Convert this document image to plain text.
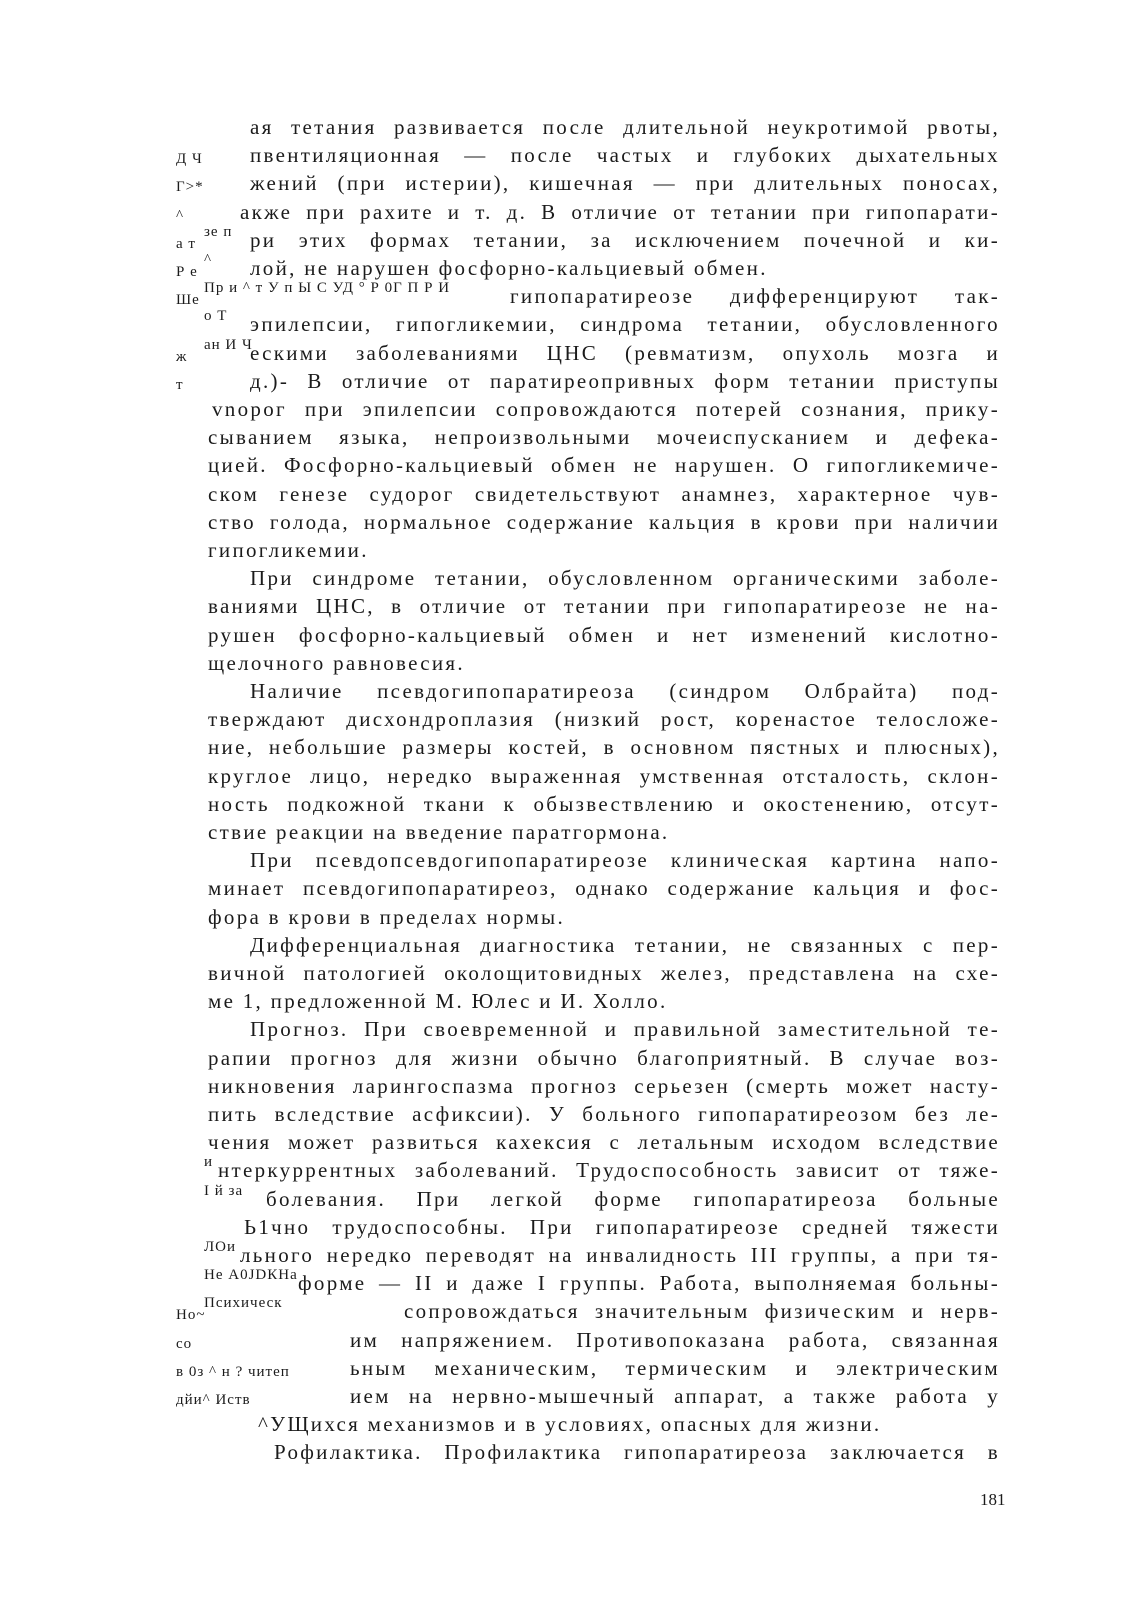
ая тетания развивается после длительной неукротимой рвоты,
Д Ч пвентиляционная — после частых и глубоких дыхательных
Г>* жений (при истерии), кишечная — при длительных поносах,
^	акже при рахите и т. д. В отличие от тетании при гипопарати-
а т
зе п ри этих формах тетании, за исключением почечной и ки-
Р е
^ лой, не нарушен фосфорно-кальциевый обмен.
Ше
Пр и ^ т У п Ы С УД ° Р 0Г П Р И	гипопаратиреозе дифференцируют так-
о Т эпилепсии, гипогликемии, синдрома тетании, обусловленного
ж
ан И Ч
ескими заболеваниями ЦНС (ревматизм, опухоль мозга и
т	д.)- В отличие от паратиреопривных форм тетании приступы
vnорог при эпилепсии сопровождаются потерей сознания, прику-
сыванием языка, непроизвольными мочеиспусканием и дефека-
цией. Фосфорно-кальциевый обмен не нарушен. О гипогликемиче-
ском генезе судорог свидетельствуют анамнез, характерное чув-
ство голода, нормальное содержание кальция в крови при наличии
гипогликемии.
При синдроме тетании, обусловленном органическими заболе-
ваниями ЦНС, в отличие от тетании при гипопаратиреозе не на-
рушен фосфорно-кальциевый обмен и нет изменений кислотно-
щелочного равновесия.
Наличие псевдогипопаратиреоза (синдром Олбрайта) под-
тверждают дисхондроплазия (низкий рост, коренастое телосложе-
ние, небольшие размеры костей, в основном пястных и плюсных),
круглое лицо, нередко выраженная умственная отсталость, склон-
ность подкожной ткани к обызвествлению и окостенению, отсут-
ствие реакции на введение паратгормона.
При псевдопсевдогипопаратиреозе клиническая картина напо-
минает псевдогипопаратиреоз, однако содержание кальция и фос-
фора в крови в пределах нормы.
Дифференциальная диагностика тетании, не связанных с пер-
вичной патологией околощитовидных желез, представлена на схе-
ме 1, предложенной М. Юлес и И. Холло.
Прогноз. При своевременной и правильной заместительной те-
рапии прогноз для жизни обычно благоприятный. В случае воз-
никновения ларингоспазма прогноз серьезен (смерть может насту-
пить вследствие асфиксии). У больного гипопаратиреозом без ле-
чения может развиться кахексия с летальным исходом вследствие
и нтеркуррентных заболеваний. Трудоспособность зависит от тяже-
I й за болевания. При легкой форме гипопаратиреоза больные
Ь1чно трудоспособны. При гипопаратиреозе средней тяжести
ЛОи льного нередко переводят на инвалидность III группы, а при тя-
Не А0JDКНа форме — II и даже I группы. Работа, выполняемая больны-
Но~
Психическ	сопровождаться значительным физическим и нерв-
со	им напряжением. Противопоказана работа, связанная
в 0з ^ н ? читеп	ьным механическим, термическим и электрическим
дйи^ Иств	ием на нервно-мышечный аппарат, а также работа у
^УЩихся механизмов и в условиях, опасных для жизни.
Рофилактика. Профилактика гипопаратиреоза заключается в
181
